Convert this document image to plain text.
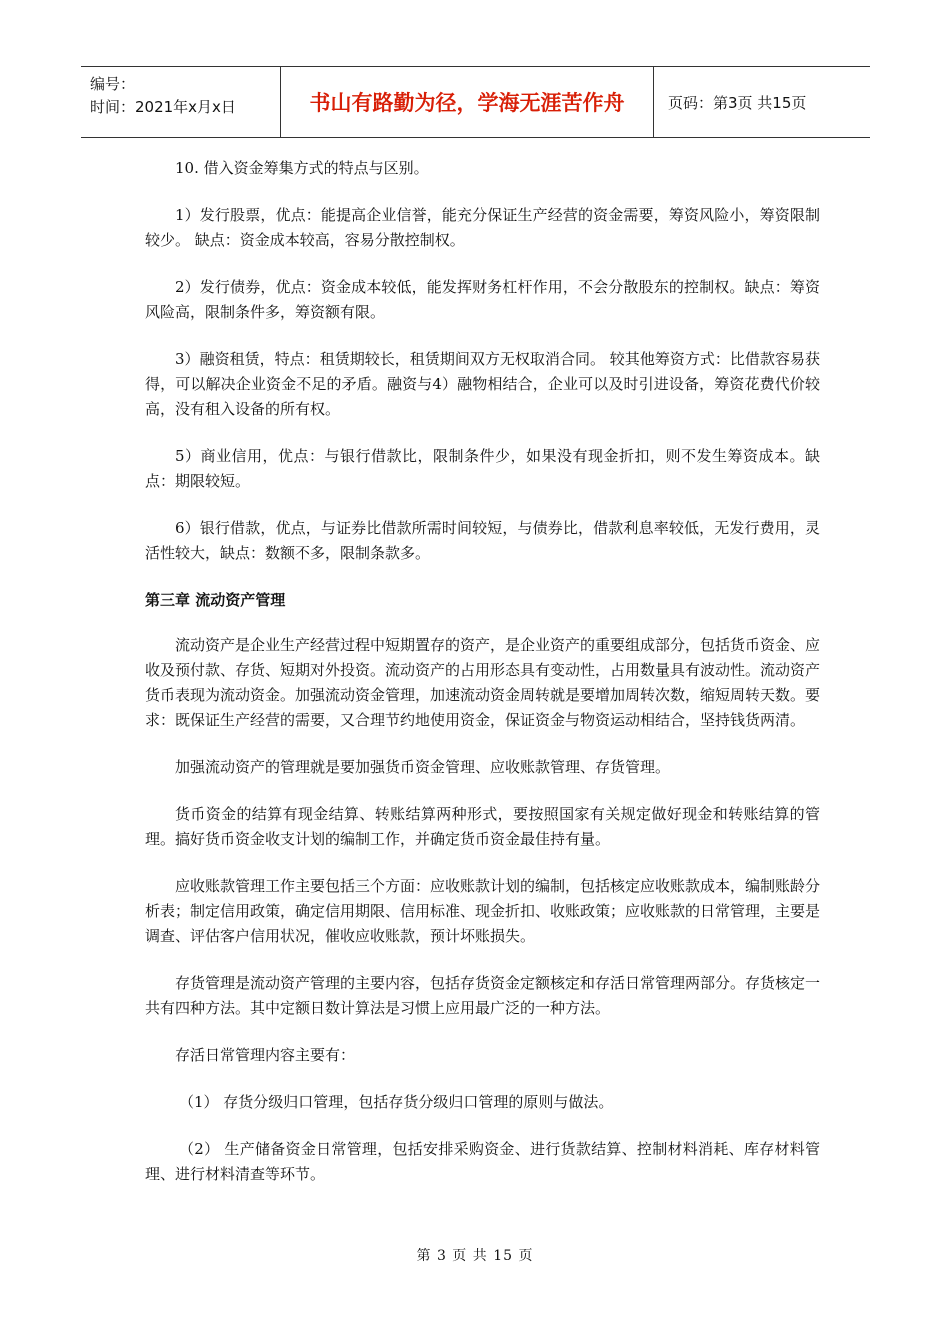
编号：
时间：2021年x月x日	书山有路勤为径，学海无涯苦作舟	页码：第3页 共15页

10. 借入资金筹集方式的特点与区别。

1）发行股票，优点：能提高企业信誉，能充分保证生产经营的资金需要，筹资风险小，筹资限制较少。 缺点：资金成本较高，容易分散控制权。

2）发行债券，优点：资金成本较低，能发挥财务杠杆作用，不会分散股东的控制权。缺点：筹资风险高，限制条件多，筹资额有限。

3）融资租赁，特点：租赁期较长，租赁期间双方无权取消合同。 较其他筹资方式：比借款容易获得，可以解决企业资金不足的矛盾。融资与4）融物相结合，企业可以及时引进设备，筹资花费代价较高，没有租入设备的所有权。

5）商业信用，优点：与银行借款比，限制条件少，如果没有现金折扣，则不发生筹资成本。缺点：期限较短。

6）银行借款，优点，与证券比借款所需时间较短，与债券比，借款利息率较低，无发行费用，灵活性较大，缺点：数额不多，限制条款多。

第三章 流动资产管理

流动资产是企业生产经营过程中短期置存的资产，是企业资产的重要组成部分，包括货币资金、应收及预付款、存货、短期对外投资。流动资产的占用形态具有变动性，占用数量具有波动性。流动资产货币表现为流动资金。加强流动资金管理，加速流动资金周转就是要增加周转次数，缩短周转天数。要求：既保证生产经营的需要，又合理节约地使用资金，保证资金与物资运动相结合，坚持钱货两清。

加强流动资产的管理就是要加强货币资金管理、应收账款管理、存货管理。

货币资金的结算有现金结算、转账结算两种形式，要按照国家有关规定做好现金和转账结算的管理。搞好货币资金收支计划的编制工作，并确定货币资金最佳持有量。

应收账款管理工作主要包括三个方面：应收账款计划的编制，包括核定应收账款成本，编制账龄分析表；制定信用政策，确定信用期限、信用标准、现金折扣、收账政策；应收账款的日常管理，主要是调查、评估客户信用状况，催收应收账款，预计坏账损失。

存货管理是流动资产管理的主要内容，包括存货资金定额核定和存活日常管理两部分。存货核定一共有四种方法。其中定额日数计算法是习惯上应用最广泛的一种方法。

存活日常管理内容主要有：

（1） 存货分级归口管理，包括存货分级归口管理的原则与做法。

（2） 生产储备资金日常管理，包括安排采购资金、进行货款结算、控制材料消耗、库存材料管理、进行材料清查等环节。

第 3 页 共 15 页
